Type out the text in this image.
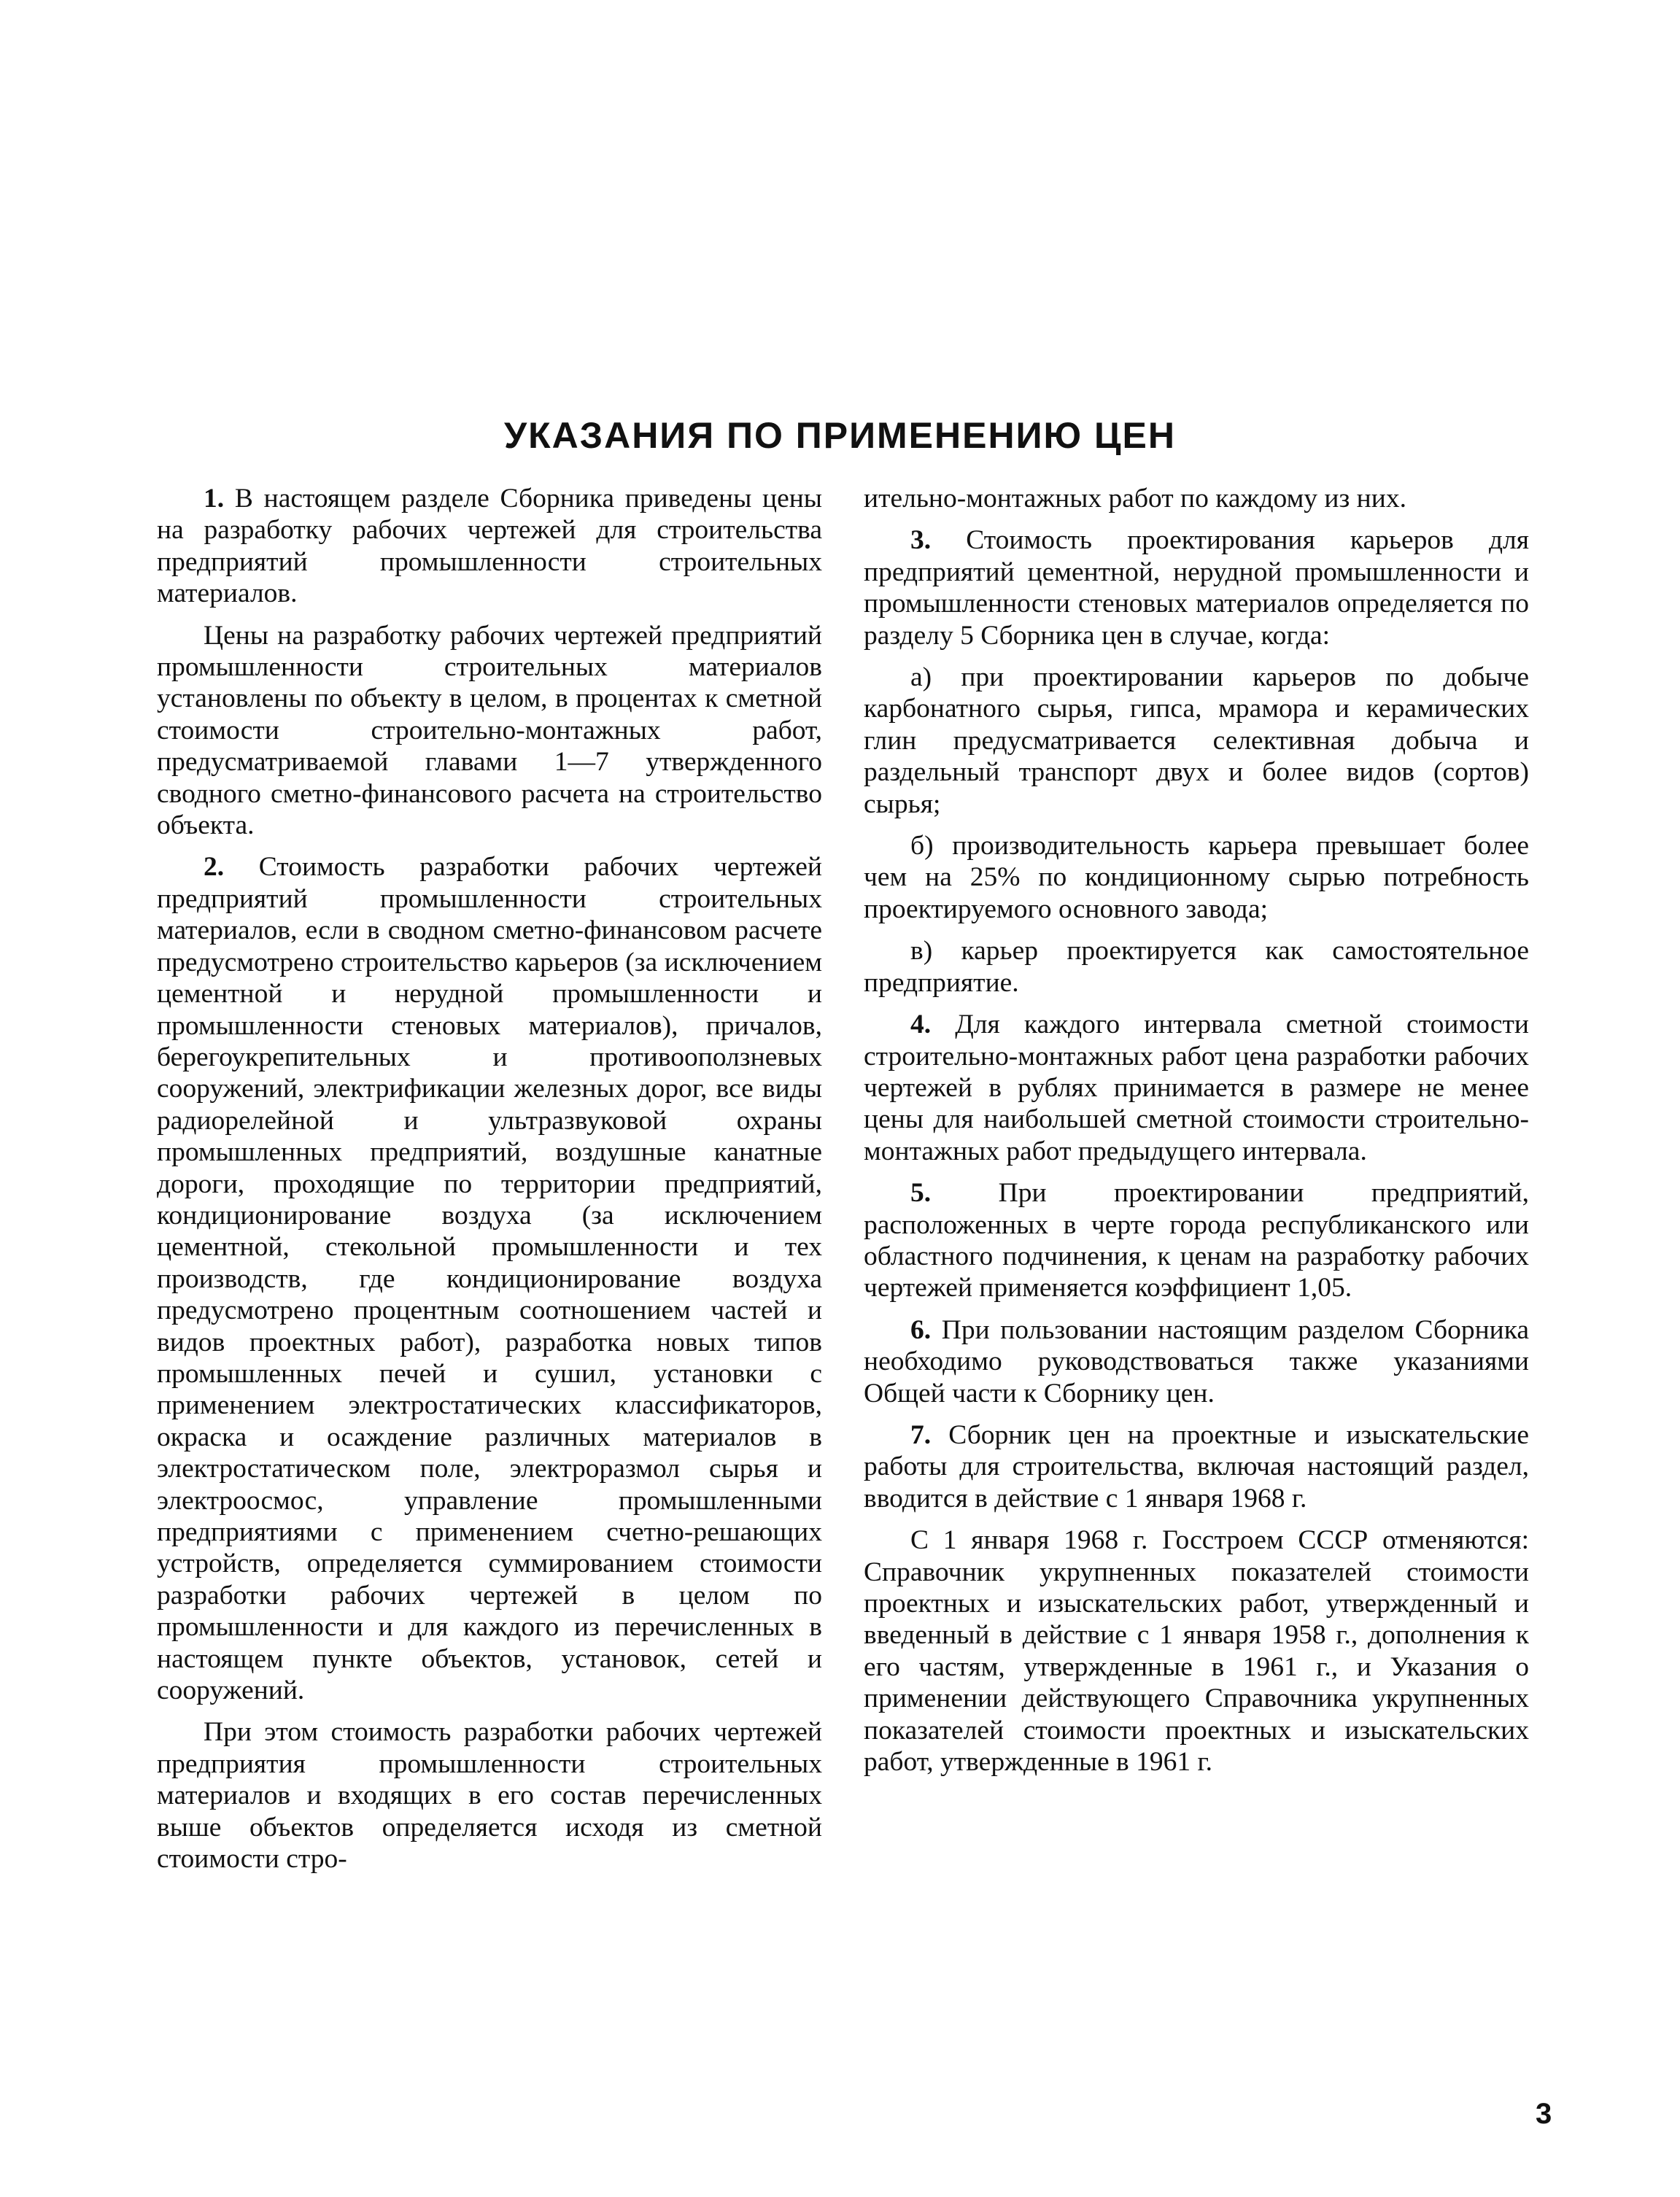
УКАЗАНИЯ ПО ПРИМЕНЕНИЮ ЦЕН

1. В настоящем разделе Сборника приведены цены на разработку рабочих чертежей для строительства предприятий промышленности строительных материалов.

Цены на разработку рабочих чертежей предприятий промышленности строительных материалов установлены по объекту в целом, в процентах к сметной стоимости строительно-монтажных работ, предусматриваемой главами 1—7 утвержденного сводного сметно-финансового расчета на строительство объекта.

2. Стоимость разработки рабочих чертежей предприятий промышленности строительных материалов, если в сводном сметно-финансовом расчете предусмотрено строительство карьеров (за исключением цементной и нерудной промышленности и промышленности стеновых материалов), причалов, берегоукрепительных и противооползневых сооружений, электрификации железных дорог, все виды радиорелейной и ультразвуковой охраны промышленных предприятий, воздушные канатные дороги, проходящие по территории предприятий, кондиционирование воздуха (за исключением цементной, стекольной промышленности и тех производств, где кондиционирование воздуха предусмотрено процентным соотношением частей и видов проектных работ), разработка новых типов промышленных печей и сушил, установки с применением электростатических классификаторов, окраска и осаждение различных материалов в электростатическом поле, электроразмол сырья и электроосмос, управление промышленными предприятиями с применением счетно-решающих устройств, определяется суммированием стоимости разработки рабочих чертежей в целом по промышленности и для каждого из перечисленных в настоящем пункте объектов, установок, сетей и сооружений.

При этом стоимость разработки рабочих чертежей предприятия промышленности строительных материалов и входящих в его состав перечисленных выше объектов определяется исходя из сметной стоимости стро-

ительно-монтажных работ по каждому из них.

3. Стоимость проектирования карьеров для предприятий цементной, нерудной промышленности и промышленности стеновых материалов определяется по разделу 5 Сборника цен в случае, когда:

а) при проектировании карьеров по добыче карбонатного сырья, гипса, мрамора и керамических глин предусматривается селективная добыча и раздельный транспорт двух и более видов (сортов) сырья;

б) производительность карьера превышает более чем на 25% по кондиционному сырью потребность проектируемого основного завода;

в) карьер проектируется как самостоятельное предприятие.

4. Для каждого интервала сметной стоимости строительно-монтажных работ цена разработки рабочих чертежей в рублях принимается в размере не менее цены для наибольшей сметной стоимости строительно-монтажных работ предыдущего интервала.

5. При проектировании предприятий, расположенных в черте города республиканского или областного подчинения, к ценам на разработку рабочих чертежей применяется коэффициент 1,05.

6. При пользовании настоящим разделом Сборника необходимо руководствоваться также указаниями Общей части к Сборнику цен.

7. Сборник цен на проектные и изыскательские работы для строительства, включая настоящий раздел, вводится в действие с 1 января 1968 г.

С 1 января 1968 г. Госстроем СССР отменяются: Справочник укрупненных показателей стоимости проектных и изыскательских работ, утвержденный и введенный в действие с 1 января 1958 г., дополнения к его частям, утвержденные в 1961 г., и Указания о применении действующего Справочника укрупненных показателей стоимости проектных и изыскательских работ, утвержденные в 1961 г.

3
